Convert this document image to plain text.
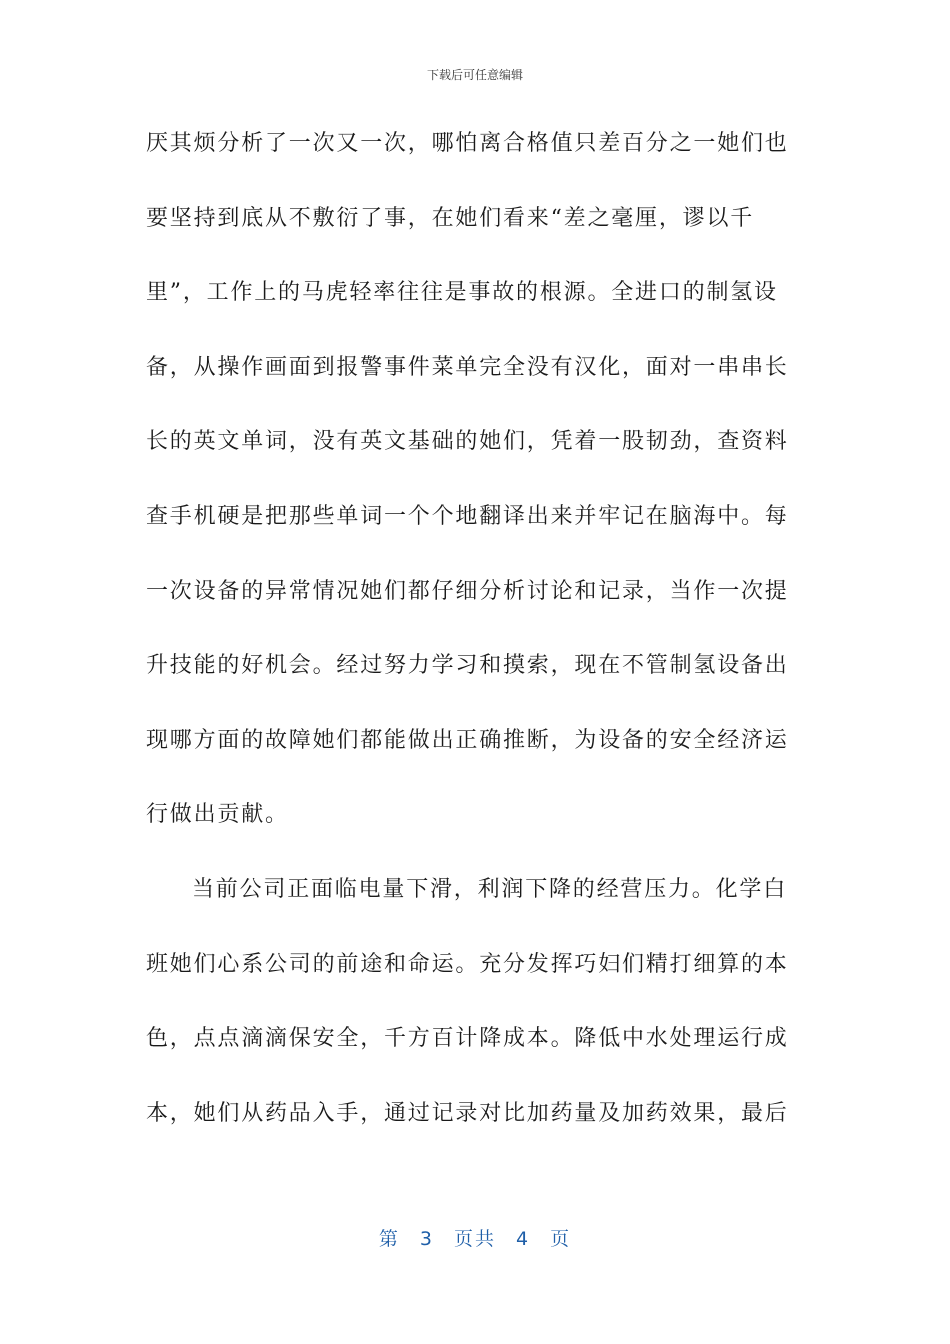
下载后可任意编辑
厌其烦分析了一次又一次，哪怕离合格值只差百分之一她们也
要坚持到底从不敷衍了事，在她们看来“差之毫厘，谬以千
里”，工作上的马虎轻率往往是事故的根源。全进口的制氢设
备，从操作画面到报警事件菜单完全没有汉化，面对一串串长
长的英文单词，没有英文基础的她们，凭着一股韧劲，查资料
查手机硬是把那些单词一个个地翻译出来并牢记在脑海中。每
一次设备的异常情况她们都仔细分析讨论和记录，当作一次提
升技能的好机会。经过努力学习和摸索，现在不管制氢设备出
现哪方面的故障她们都能做出正确推断，为设备的安全经济运
行做出贡献。
当前公司正面临电量下滑，利润下降的经营压力。化学白
班她们心系公司的前途和命运。充分发挥巧妇们精打细算的本
色，点点滴滴保安全，千方百计降成本。降低中水处理运行成
本，她们从药品入手，通过记录对比加药量及加药效果，最后
第 3 页共 4 页
